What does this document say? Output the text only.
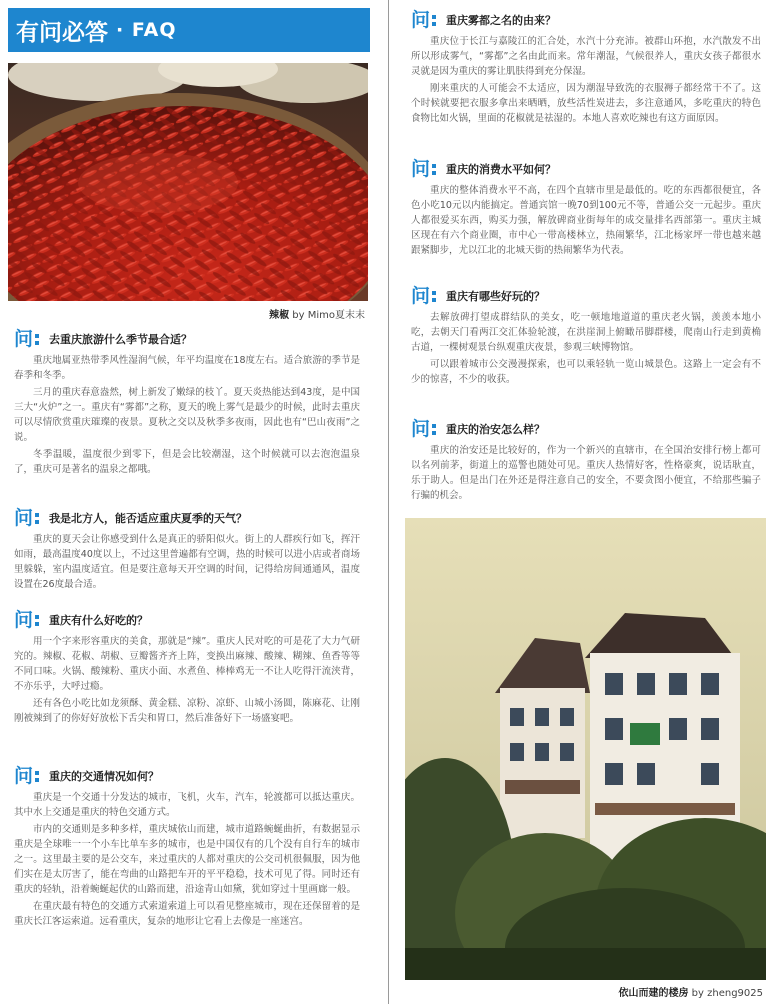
有问必答 · FAQ
辣椒 by Mimo夏末末
问 去重庆旅游什么季节最合适？

重庆地属亚热带季风性湿润气候，年平均温度在18度左右。适合旅游的季节是春季和冬季。

三月的重庆春意盎然，树上新发了嫩绿的枝丫。夏天炎热能达到43度，是中国三大“火炉”之一。重庆有“雾都”之称，夏天的晚上雾气是最少的时候，此时去重庆可以尽情欣赏重庆璀璨的夜景。夏秋之交以及秋季多夜雨，因此也有“巴山夜雨”之说。

冬季温暖，温度很少到零下，但是会比较潮湿，这个时候就可以去泡泡温泉了，重庆可是著名的温泉之都哦。

问 我是北方人，能否适应重庆夏季的天气？

重庆的夏天会让你感受到什么是真正的骄阳似火。街上的人群疾行如飞，挥汗如雨，最高温度40度以上，不过这里普遍都有空调，热的时候可以进小店或者商场里躲躲，室内温度适宜。但是要注意每天开空调的时间，记得给房间通通风，温度设置在26度最合适。

问 重庆有什么好吃的？

用一个字来形容重庆的美食，那就是“辣”。重庆人民对吃的可是花了大力气研究的。辣椒、花椒、胡椒、豆瓣酱齐齐上阵，变换出麻辣、酸辣、糊辣、鱼香等等不同口味。火锅、酸辣粉、重庆小面、水煮鱼、棒棒鸡无一不让人吃得汗流浃背，不亦乐乎，大呼过瘾。

还有各色小吃比如龙须酥、黄金糕、凉粉、凉虾、山城小汤圆，陈麻花、让刚刚被辣到了的你好好放松下舌尖和胃口，然后准备好下一场盛宴吧。

问 重庆的交通情况如何？

重庆是一个交通十分发达的城市，飞机，火车，汽车，轮渡都可以抵达重庆。其中水上交通是重庆的特色交通方式。

市内的交通则是多种多样，重庆城依山而建，城市道路蜿蜒曲折，有数据显示重庆是全球唯一一个小车比单车多的城市，也是中国仅有的几个没有自行车的城市之一。这里最主要的是公交车，来过重庆的人都对重庆的公交司机很佩服，因为他们实在是太厉害了，能在弯曲的山路把车开的平平稳稳，技术可见了得。同时还有重庆的轻轨，沿着蜿蜒起伏的山路而建，沿途青山如黛，犹如穿过十里画廊一般。

在重庆最有特色的交通方式索道索道上可以看见整座城市，现在还保留着的是重庆长江客运索道。远看重庆，复杂的地形让它看上去像是一座迷宫。

问 重庆雾都之名的由来？

重庆位于长江与嘉陵江的汇合处，水汽十分充沛。被群山环抱，水汽散发不出所以形成雾气，“雾都”之名由此而来。常年潮湿，气候很养人，重庆女孩子都很水灵就是因为重庆的雾让肌肤得到充分保湿。

刚来重庆的人可能会不太适应，因为潮湿导致洗的衣服褥子都经常干不了。这个时候就要把衣服多拿出来晒晒，放些活性炭进去，多注意通风，多吃重庆的特色食物比如火锅，里面的花椒就是祛湿的。本地人喜欢吃辣也有这方面原因。

问 重庆的消费水平如何？

重庆的整体消费水平不高，在四个直辖市里是最低的。吃的东西都很便宜，各色小吃10元以内能搞定。普通宾馆一晚70到100元不等，普通公交一元起步。重庆人都很爱买东西，购买力强，解放碑商业街每年的成交量排名西部第一。重庆主城区现在有六个商业圈，市中心一带高楼林立，热闹繁华，江北杨家坪一带也越来越跟紧脚步，尤以江北的北城天街的热闹繁华为代表。

问 重庆有哪些好玩的？

去解放碑打望成群结队的美女，吃一顿地地道道的重庆老火锅，羡羡本地小吃，去朝天门看两江交汇体验轮渡，在洪崖洞上俯瞰吊脚群楼，爬南山行走到黄桷古道，一棵树观景台纵观重庆夜景，参观三峡博物馆。

可以跟着城市公交漫漫探索，也可以乘轻轨一览山城景色。这路上一定会有不少的惊喜，不少的收获。

问 重庆的治安怎么样？

重庆的治安还是比较好的，作为一个新兴的直辖市，在全国治安排行榜上都可以名列前茅，街道上的巡警也随处可见。重庆人热情好客，性格豪爽，说话耿直，乐于助人。但是出门在外还是得注意自己的安全，不要贪图小便宜，不给那些骗子行骗的机会。

依山而建的楼房 by zheng9025
